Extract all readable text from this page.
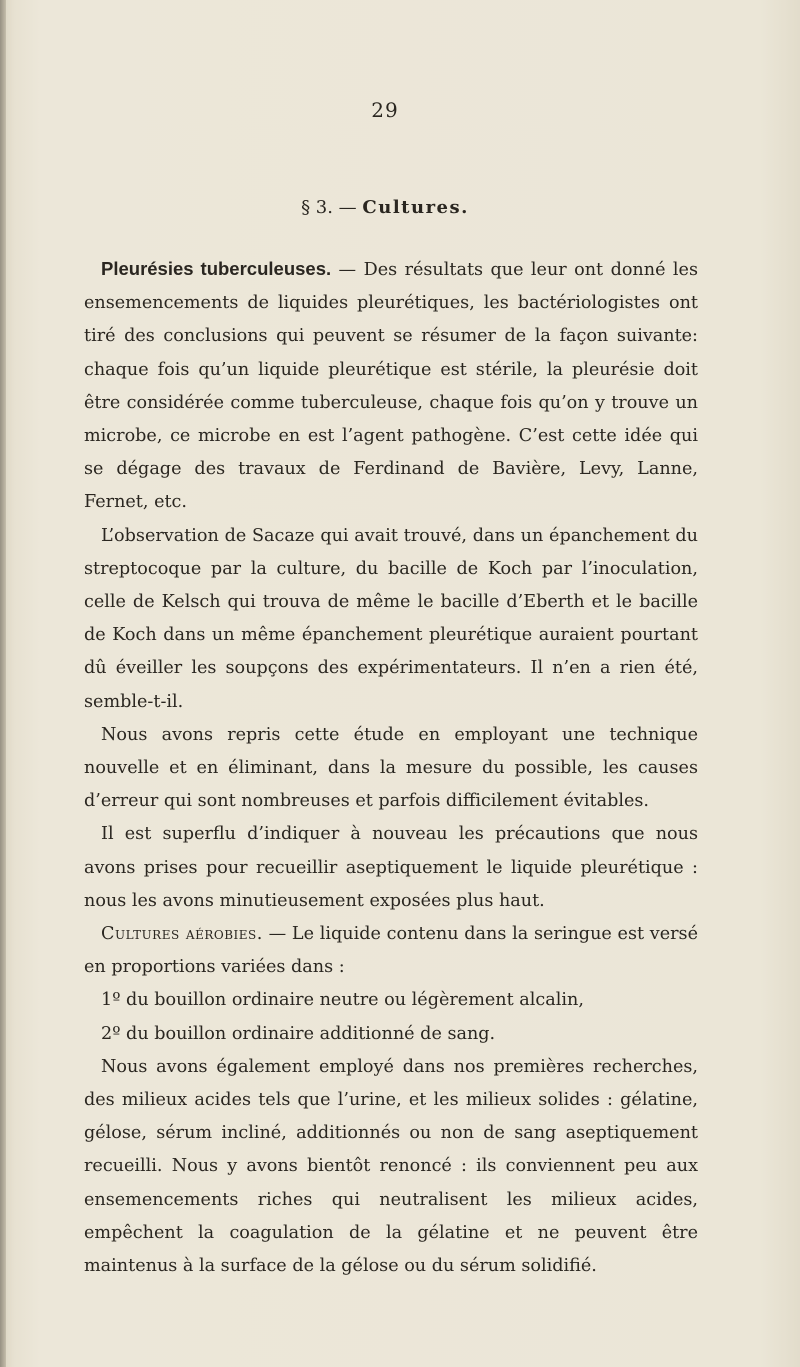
29
§ 3. — Cultures.

Pleurésies tuberculeuses. — Des résultats que leur ont donné les ensemencements de liquides pleurétiques, les bactériologistes ont tiré des conclusions qui peuvent se résumer de la façon suivante: chaque fois qu’un liquide pleurétique est stérile, la pleurésie doit être considérée comme tuberculeuse, chaque fois qu’on y trouve un microbe, ce microbe en est l’agent pathogène. C’est cette idée qui se dégage des travaux de Ferdinand de Bavière, Levy, Lanne, Fernet, etc.

L’observation de Sacaze qui avait trouvé, dans un épanchement du streptocoque par la culture, du bacille de Koch par l’inoculation, celle de Kelsch qui trouva de même le bacille d’Eberth et le bacille de Koch dans un même épanchement pleurétique auraient pourtant dû éveiller les soupçons des expérimentateurs. Il n’en a rien été, semble-t-il.

Nous avons repris cette étude en employant une technique nouvelle et en éliminant, dans la mesure du possible, les causes d’erreur qui sont nombreuses et parfois difficilement évitables.

Il est superflu d’indiquer à nouveau les précautions que nous avons prises pour recueillir aseptiquement le liquide pleurétique : nous les avons minutieusement exposées plus haut.

Cultures aérobies. — Le liquide contenu dans la seringue est versé en proportions variées dans :

1º du bouillon ordinaire neutre ou légèrement alcalin,

2º du bouillon ordinaire additionné de sang.

Nous avons également employé dans nos premières recherches, des milieux acides tels que l’urine, et les milieux solides : gélatine, gélose, sérum incliné, additionnés ou non de sang aseptiquement recueilli. Nous y avons bientôt renoncé : ils conviennent peu aux ensemencements riches qui neutralisent les milieux acides, empêchent la coagulation de la gélatine et ne peuvent être maintenus à la surface de la gélose ou du sérum solidifié.
